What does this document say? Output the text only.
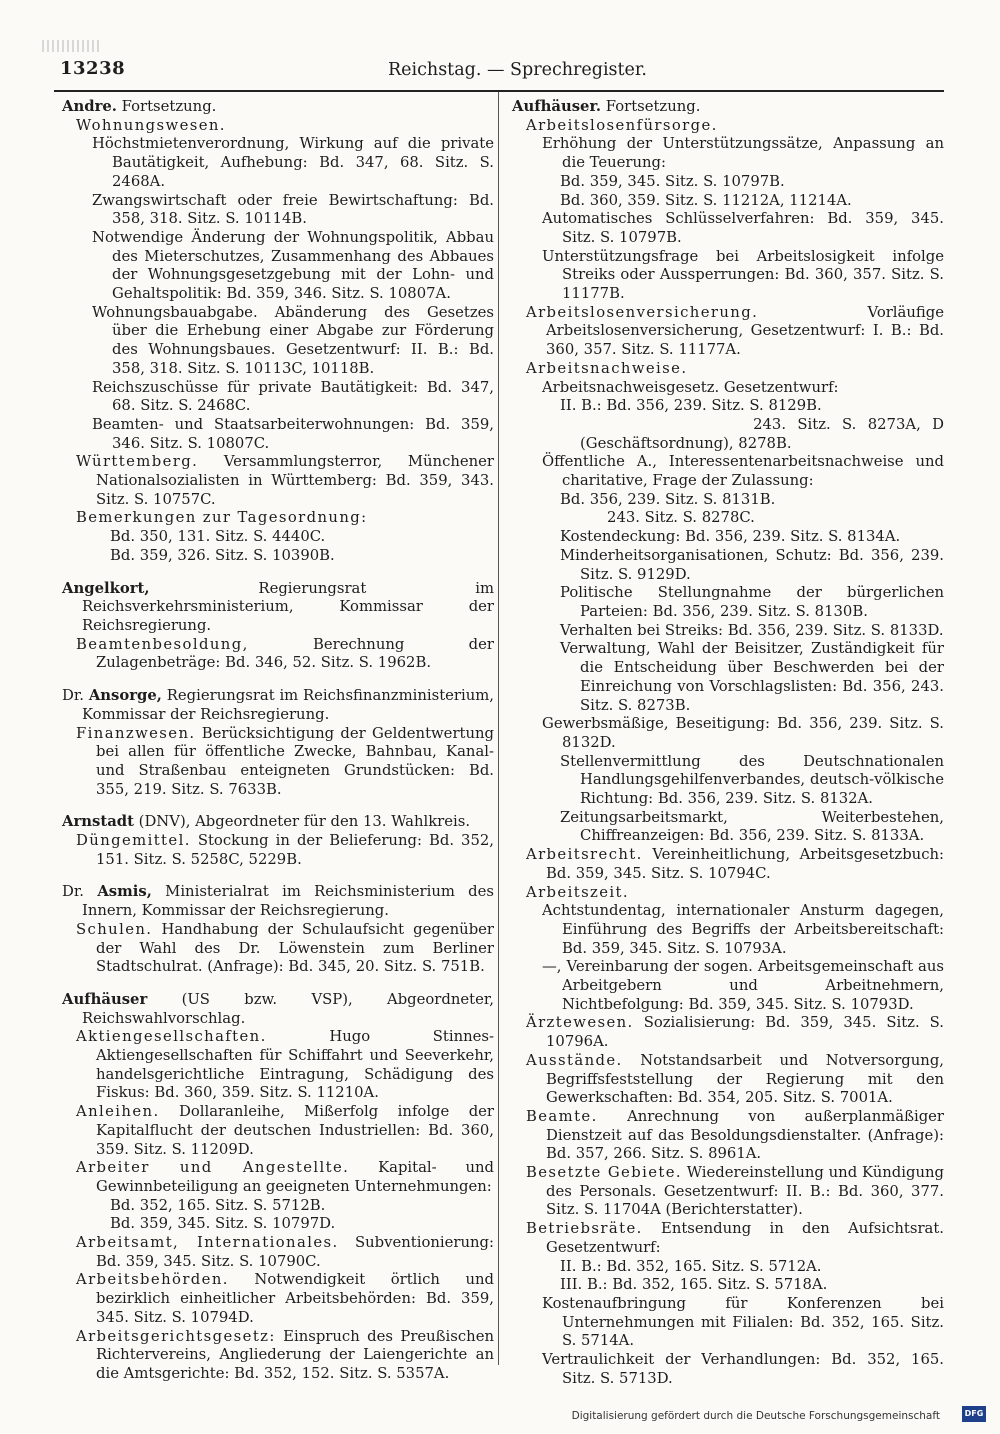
13238	Reichstag. — Sprechregister.

Andre. Fortsetzung.

Wohnungswesen.

Höchstmietenverordnung, Wirkung auf die private Bautätigkeit, Aufhebung: Bd. 347, 68. Sitz. S. 2468A.

Zwangswirtschaft oder freie Bewirtschaftung: Bd. 358, 318. Sitz. S. 10114B.

Notwendige Änderung der Wohnungspolitik, Abbau des Mieterschutzes, Zusammenhang des Abbaues der Wohnungsgesetzgebung mit der Lohn- und Gehaltspolitik: Bd. 359, 346. Sitz. S. 10807A.

Wohnungsbauabgabe. Abänderung des Gesetzes über die Erhebung einer Abgabe zur Förderung des Wohnungsbaues. Gesetzentwurf: II. B.: Bd. 358, 318. Sitz. S. 10113C, 10118B.

Reichszuschüsse für private Bautätigkeit: Bd. 347, 68. Sitz. S. 2468C.

Beamten- und Staatsarbeiterwohnungen: Bd. 359, 346. Sitz. S. 10807C.

Württemberg. Versammlungsterror, Münchener Nationalsozialisten in Württemberg: Bd. 359, 343. Sitz. S. 10757C.

Bemerkungen zur Tagesordnung:

Bd. 350, 131. Sitz. S. 4440C.

Bd. 359, 326. Sitz. S. 10390B.

Angelkort, Regierungsrat im Reichsverkehrsministerium, Kommissar der Reichsregierung.

Beamtenbesoldung, Berechnung der Zulagenbeträge: Bd. 346, 52. Sitz. S. 1962B.

Dr. Ansorge, Regierungsrat im Reichsfinanzministerium, Kommissar der Reichsregierung.

Finanzwesen. Berücksichtigung der Geldentwertung bei allen für öffentliche Zwecke, Bahnbau, Kanal- und Straßenbau enteigneten Grundstücken: Bd. 355, 219. Sitz. S. 7633B.

Arnstadt (DNV), Abgeordneter für den 13. Wahlkreis.

Düngemittel. Stockung in der Belieferung: Bd. 352, 151. Sitz. S. 5258C, 5229B.

Dr. Asmis, Ministerialrat im Reichsministerium des Innern, Kommissar der Reichsregierung.

Schulen. Handhabung der Schulaufsicht gegenüber der Wahl des Dr. Löwenstein zum Berliner Stadtschulrat. (Anfrage): Bd. 345, 20. Sitz. S. 751B.

Aufhäuser (US bzw. VSP), Abgeordneter, Reichswahlvorschlag.

Aktiengesellschaften. Hugo Stinnes-Aktiengesellschaften für Schiffahrt und Seeverkehr, handelsgerichtliche Eintragung, Schädigung des Fiskus: Bd. 360, 359. Sitz. S. 11210A.

Anleihen. Dollaranleihe, Mißerfolg infolge der Kapitalflucht der deutschen Industriellen: Bd. 360, 359. Sitz. S. 11209D.

Arbeiter und Angestellte. Kapital- und Gewinnbeteiligung an geeigneten Unternehmungen:

Bd. 352, 165. Sitz. S. 5712B.

Bd. 359, 345. Sitz. S. 10797D.

Arbeitsamt, Internationales. Subventionierung: Bd. 359, 345. Sitz. S. 10790C.

Arbeitsbehörden. Notwendigkeit örtlich und bezirklich einheitlicher Arbeitsbehörden: Bd. 359, 345. Sitz. S. 10794D.

Arbeitsgerichtsgesetz: Einspruch des Preußischen Richtervereins, Angliederung der Laiengerichte an die Amtsgerichte: Bd. 352, 152. Sitz. S. 5357A.

Aufhäuser. Fortsetzung.

Arbeitslosenfürsorge.

Erhöhung der Unterstützungssätze, Anpassung an die Teuerung:

Bd. 359, 345. Sitz. S. 10797B.

Bd. 360, 359. Sitz. S. 11212A, 11214A.

Automatisches Schlüsselverfahren: Bd. 359, 345. Sitz. S. 10797B.

Unterstützungsfrage bei Arbeitslosigkeit infolge Streiks oder Aussperrungen: Bd. 360, 357. Sitz. S. 11177B.

Arbeitslosenversicherung. Vorläufige Arbeitslosenversicherung, Gesetzentwurf: I. B.: Bd. 360, 357. Sitz. S. 11177A.

Arbeitsnachweise.

Arbeitsnachweisgesetz. Gesetzentwurf:

II. B.: Bd. 356, 239. Sitz. S. 8129B.

243. Sitz. S. 8273A, D (Geschäftsordnung), 8278B.

Öffentliche A., Interessentenarbeitsnachweise und charitative, Frage der Zulassung:

Bd. 356, 239. Sitz. S. 8131B.

243. Sitz. S. 8278C.

Kostendeckung: Bd. 356, 239. Sitz. S. 8134A.

Minderheitsorganisationen, Schutz: Bd. 356, 239. Sitz. S. 9129D.

Politische Stellungnahme der bürgerlichen Parteien: Bd. 356, 239. Sitz. S. 8130B.

Verhalten bei Streiks: Bd. 356, 239. Sitz. S. 8133D.

Verwaltung, Wahl der Beisitzer, Zuständigkeit für die Entscheidung über Beschwerden bei der Einreichung von Vorschlagslisten: Bd. 356, 243. Sitz. S. 8273B.

Gewerbsmäßige, Beseitigung: Bd. 356, 239. Sitz. S. 8132D.

Stellenvermittlung des Deutschnationalen Handlungsgehilfenverbandes, deutsch-völkische Richtung: Bd. 356, 239. Sitz. S. 8132A.

Zeitungsarbeitsmarkt, Weiterbestehen, Chiffreanzeigen: Bd. 356, 239. Sitz. S. 8133A.

Arbeitsrecht. Vereinheitlichung, Arbeitsgesetzbuch: Bd. 359, 345. Sitz. S. 10794C.

Arbeitszeit.

Achtstundentag, internationaler Ansturm dagegen, Einführung des Begriffs der Arbeitsbereitschaft: Bd. 359, 345. Sitz. S. 10793A.

—, Vereinbarung der sogen. Arbeitsgemeinschaft aus Arbeitgebern und Arbeitnehmern, Nichtbefolgung: Bd. 359, 345. Sitz. S. 10793D.

Ärztewesen. Sozialisierung: Bd. 359, 345. Sitz. S. 10796A.

Ausstände. Notstandsarbeit und Notversorgung, Begriffsfeststellung der Regierung mit den Gewerkschaften: Bd. 354, 205. Sitz. S. 7001A.

Beamte. Anrechnung von außerplanmäßiger Dienstzeit auf das Besoldungsdienstalter. (Anfrage): Bd. 357, 266. Sitz. S. 8961A.

Besetzte Gebiete. Wiedereinstellung und Kündigung des Personals. Gesetzentwurf: II. B.: Bd. 360, 377. Sitz. S. 11704A (Berichterstatter).

Betriebsräte. Entsendung in den Aufsichtsrat. Gesetzentwurf:

II. B.: Bd. 352, 165. Sitz. S. 5712A.

III. B.: Bd. 352, 165. Sitz. S. 5718A.

Kostenaufbringung für Konferenzen bei Unternehmungen mit Filialen: Bd. 352, 165. Sitz. S. 5714A.

Vertraulichkeit der Verhandlungen: Bd. 352, 165. Sitz. S. 5713D.

Digitalisierung gefördert durch die Deutsche Forschungsgemeinschaft	DFG
